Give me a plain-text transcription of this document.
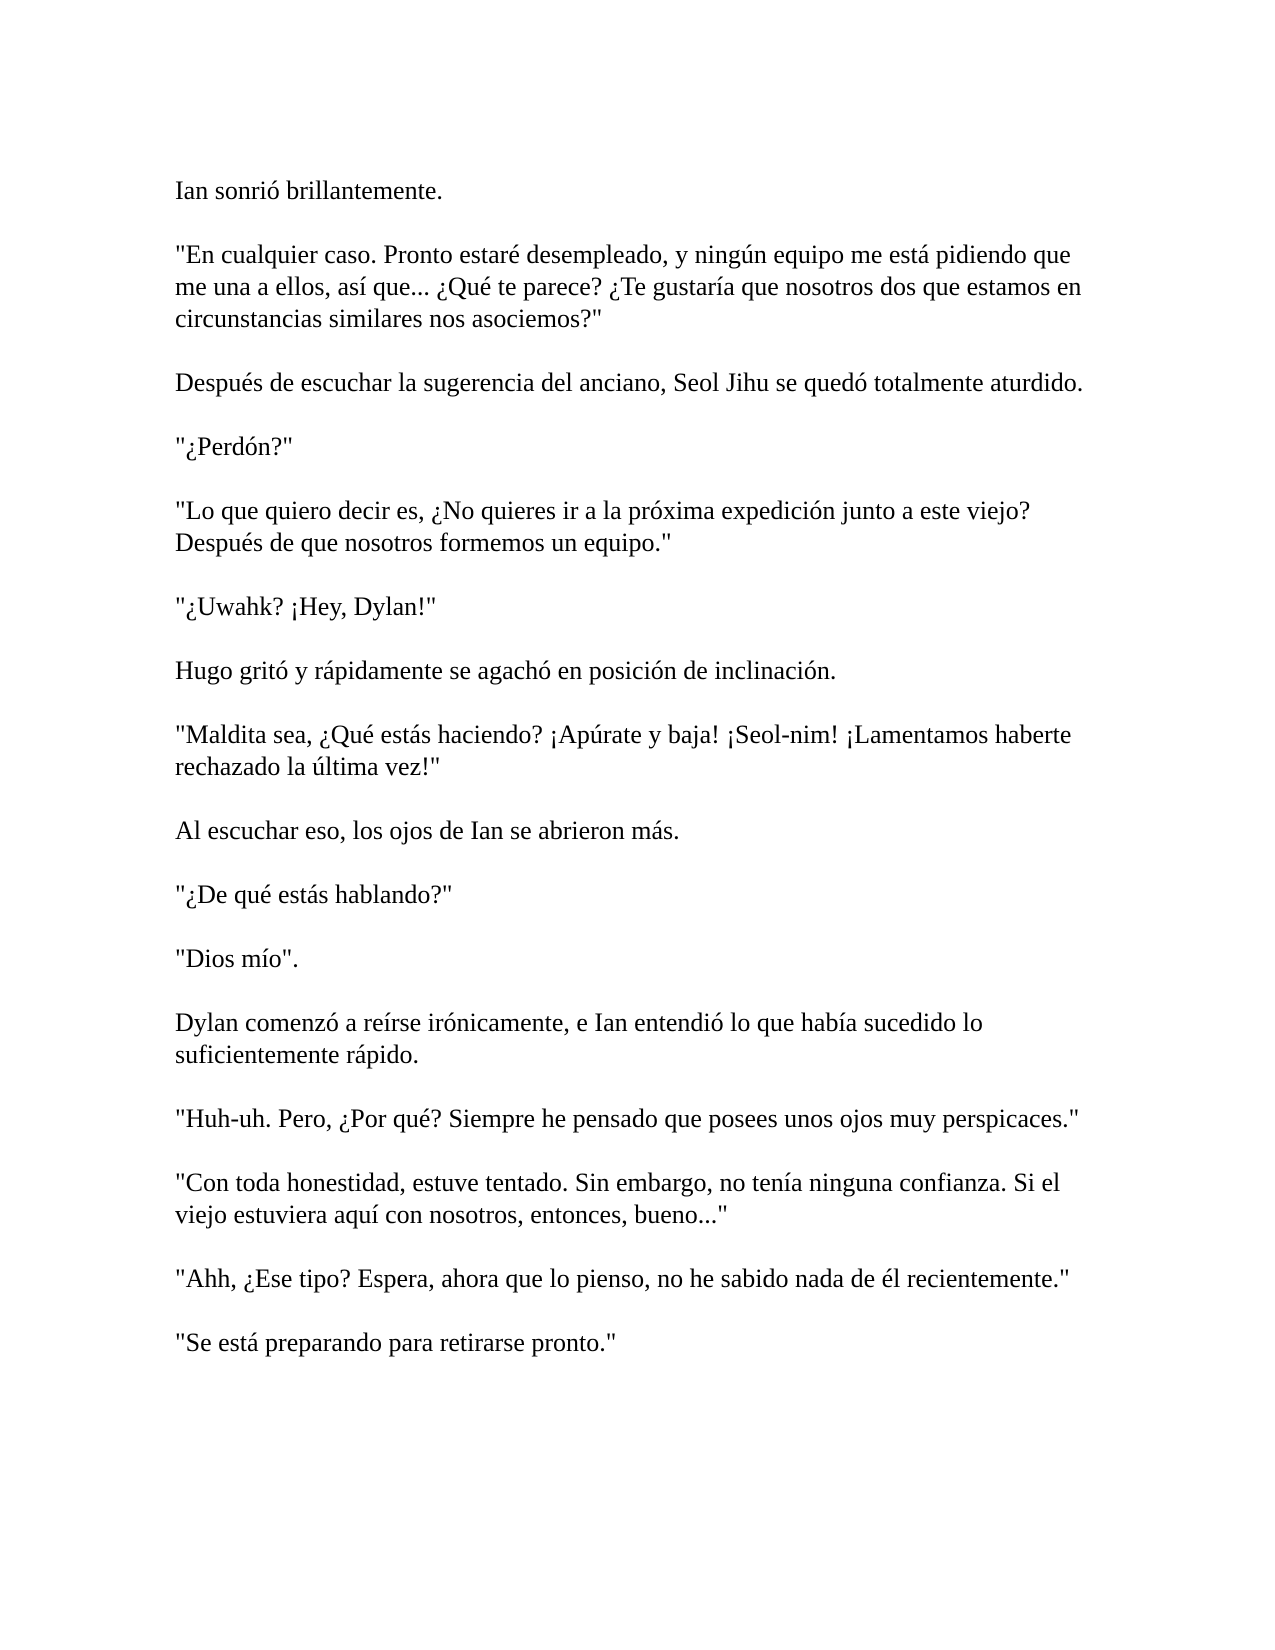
Ian sonrió brillantemente.

"En cualquier caso. Pronto estaré desempleado, y ningún equipo me está pidiendo que me una a ellos, así que... ¿Qué te parece? ¿Te gustaría que nosotros dos que estamos en circunstancias similares nos asociemos?"

Después de escuchar la sugerencia del anciano, Seol Jihu se quedó totalmente aturdido.

"¿Perdón?"

"Lo que quiero decir es, ¿No quieres ir a la próxima expedición junto a este viejo? Después de que nosotros formemos un equipo."

"¿Uwahk? ¡Hey, Dylan!"

Hugo gritó y rápidamente se agachó en posición de inclinación.

"Maldita sea, ¿Qué estás haciendo? ¡Apúrate y baja! ¡Seol-nim! ¡Lamentamos haberte rechazado la última vez!"

Al escuchar eso, los ojos de Ian se abrieron más.

"¿De qué estás hablando?"

"Dios mío".

Dylan comenzó a reírse irónicamente, e Ian entendió lo que había sucedido lo suficientemente rápido.

"Huh-uh. Pero, ¿Por qué? Siempre he pensado que posees unos ojos muy perspicaces."

"Con toda honestidad, estuve tentado. Sin embargo, no tenía ninguna confianza. Si el viejo estuviera aquí con nosotros, entonces, bueno..."

"Ahh, ¿Ese tipo? Espera, ahora que lo pienso, no he sabido nada de él recientemente."

"Se está preparando para retirarse pronto."
